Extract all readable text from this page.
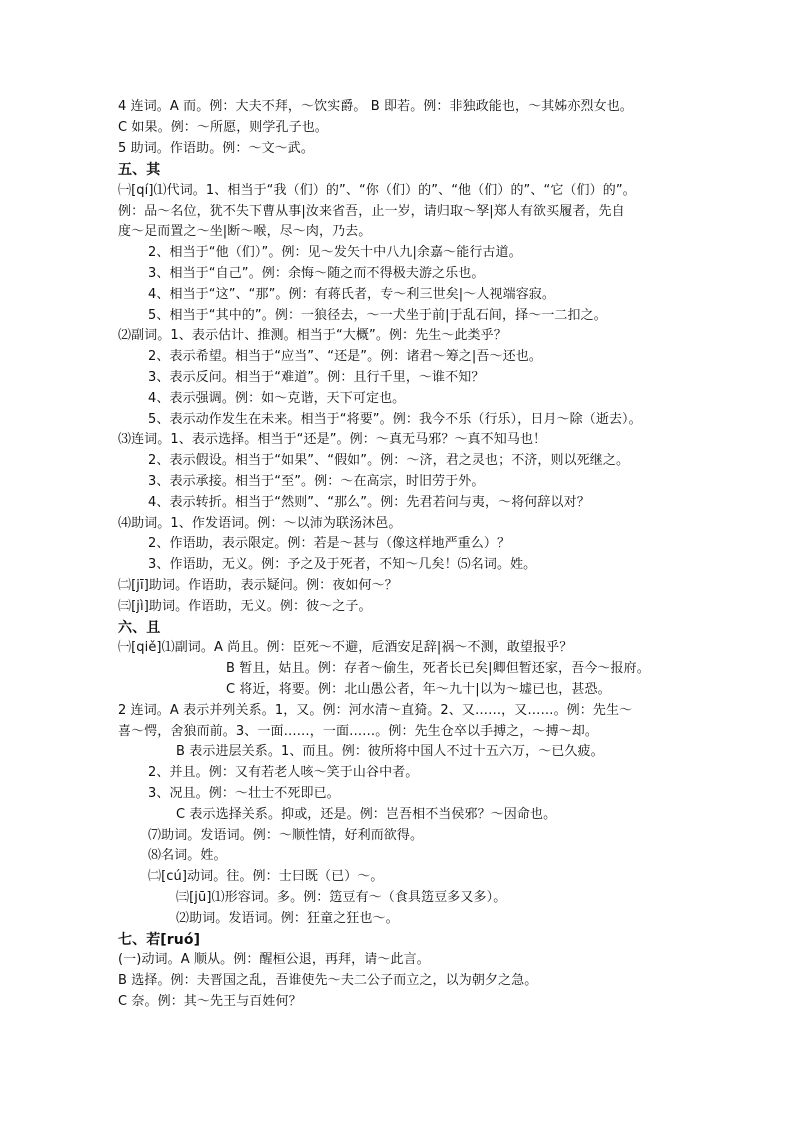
4 连词。A 而。例：大夫不拜，～饮实爵。 B 即若。例：非独政能也，～其姊亦烈女也。
C 如果。例：～所愿，则学孔子也。
5 助词。作语助。例：～文～武。
五、其
㈠[qí]⑴代词。1、相当于“我（们）的”、“你（们）的”、“他（们）的”、“它（们）的”。
例：品～名位，犹不失下曹从事|汝来省吾，止一岁，请归取～孥|郑人有欲买履者，先自
度～足而置之～坐|断～喉，尽～肉，乃去。
2、相当于“他（们）”。例：见～发矢十中八九|余嘉～能行古道。
3、相当于“自己”。例：余悔～随之而不得极夫游之乐也。
4、相当于“这”、“那”。例：有蒋氏者，专～利三世矣|～人视端容寂。
5、相当于“其中的”。例：一狼径去，～一犬坐于前|于乱石间，择～一二扣之。
⑵副词。1、表示估计、推测。相当于“大概”。例：先生～此类乎？
2、表示希望。相当于“应当”、“还是”。例：诸君～筹之|吾～还也。
3、表示反问。相当于“难道”。例：且行千里，～谁不知？
4、表示强调。例：如～克谐，天下可定也。
5、表示动作发生在未来。相当于“将要”。例：我今不乐（行乐），日月～除（逝去）。
⑶连词。1、表示选择。相当于“还是”。例：～真无马邪？～真不知马也！
2、表示假设。相当于“如果”、“假如”。例：～济，君之灵也；不济，则以死继之。
3、表示承接。相当于“至”。例：～在高宗，时旧劳于外。
4、表示转折。相当于“然则”、“那么”。例：先君若问与夷，～将何辞以对？
⑷助词。1、作发语词。例：～以沛为联汤沐邑。
2、作语助，表示限定。例：若是～甚与（像这样地严重么）？
3、作语助，无义。例：予之及于死者，不知～几矣！⑸名词。姓。
㈡[jī]助词。作语助，表示疑问。例：夜如何～？
㈢[jì]助词。作语助，无义。例：彼～之子。
六、且
㈠[qiě]⑴副词。A 尚且。例：臣死～不避，卮酒安足辞|祸～不测，敢望报乎？
B 暂且，姑且。例：存者～偷生，死者长已矣|卿但暂还家，吾今～报府。
C 将近，将要。例：北山愚公者，年～九十|以为～墟已也，甚恐。
2 连词。A 表示并列关系。1，又。例：河水清～直猗。2、又……，又……。例：先生～
喜～愕，舍狼而前。3、一面……，一面……。例：先生仓卒以手搏之，～搏～却。
B 表示进层关系。1、而且。例：彼所将中国人不过十五六万，～已久疲。
2、并且。例：又有若老人咳～笑于山谷中者。
3、况且。例：～壮士不死即已。
C 表示选择关系。抑或，还是。例：岂吾相不当侯邪？～因命也。
⑺助词。发语词。例：～顺性情，好利而欲得。
⑻名词。姓。
㈡[cú]动词。往。例：士曰既（已）～。
㈢[jū]⑴形容词。多。例：笾豆有～（食具笾豆多又多）。
⑵助词。发语词。例：狂童之狂也～。
七、若[ruó]
(一)动词。A 顺从。例：醒桓公退，再拜，请～此言。
B 选择。例：夫晋国之乱，吾谁使先～夫二公子而立之，以为朝夕之急。
C 奈。例：其～先王与百姓何？
